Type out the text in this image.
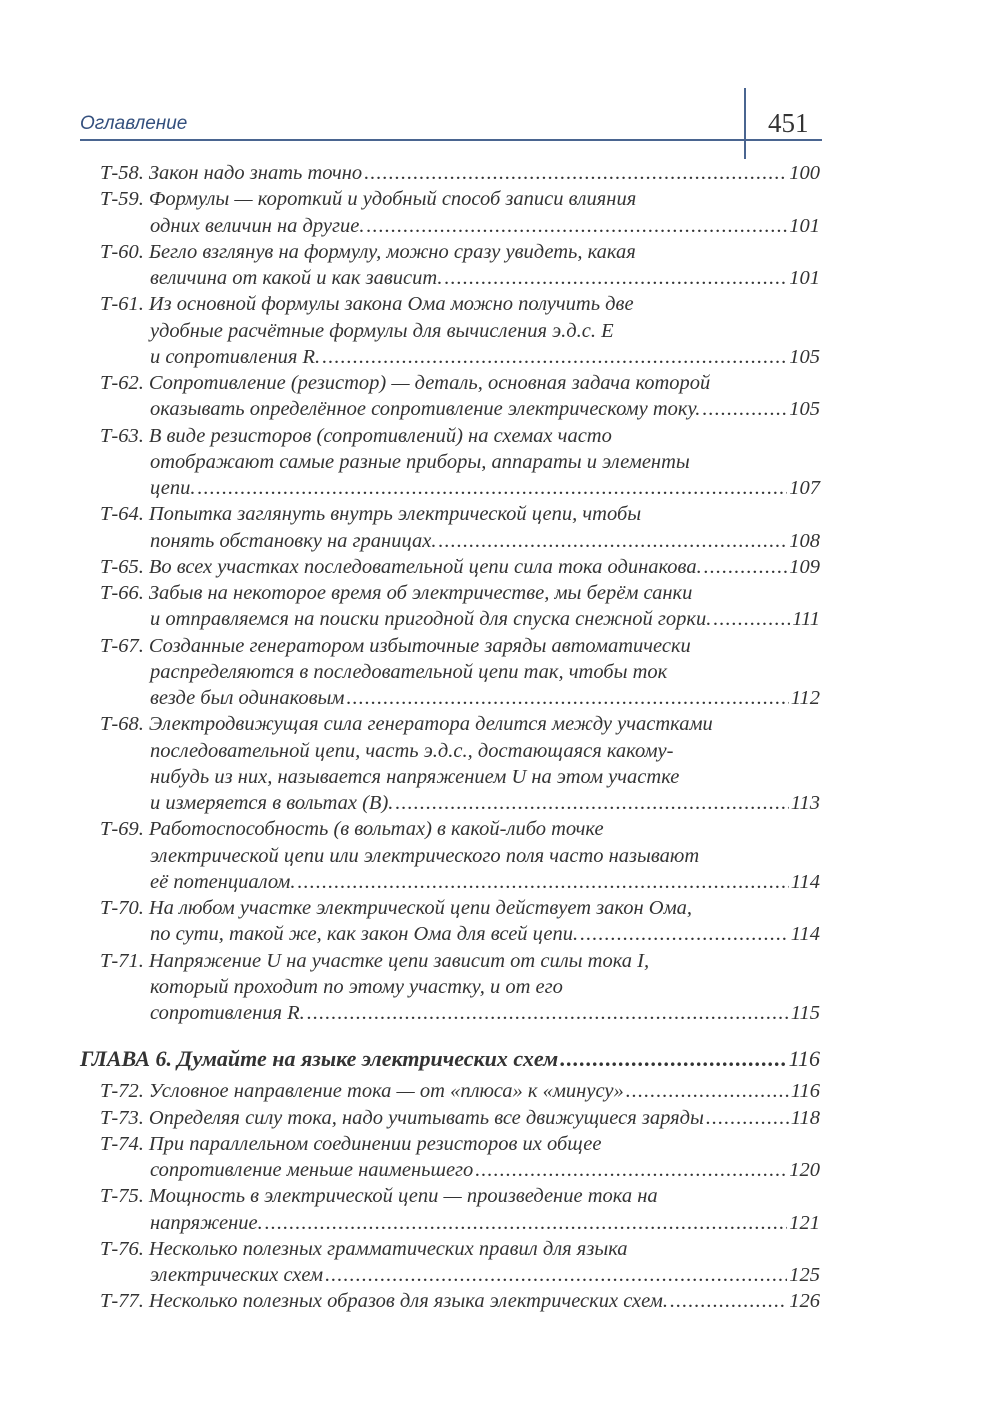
Оглавление	451
Т-58. Закон надо знать точно .....	100
Т-59. Формулы — короткий и удобный способ записи влияния
одних величин на другие. .....	101
Т-60. Бегло взглянув на формулу, можно сразу увидеть, какая
величина от какой и как зависит. .....	101
Т-61. Из основной формулы закона Ома можно получить две
удобные расчётные формулы для вычисления э.д.с. E
и сопротивления R. .....	105
Т-62. Сопротивление (резистор) — деталь, основная задача которой
оказывать определённое сопротивление электрическому току. .....	105
Т-63. В виде резисторов (сопротивлений) на схемах часто
отображают самые разные приборы, аппараты и элементы
цепи. .....	107
Т-64. Попытка заглянуть внутрь электрической цепи, чтобы
понять обстановку на границах. .....	108
Т-65. Во всех участках последовательной цепи сила тока одинакова. .....	109
Т-66. Забыв на некоторое время об электричестве, мы берём санки
и отправляемся на поиски пригодной для спуска снежной горки. .....	111
Т-67. Созданные генератором избыточные заряды автоматически
распределяются в последовательной цепи так, чтобы ток
везде был одинаковым .....	112
Т-68. Электродвижущая сила генератора делится между участками
последовательной цепи, часть э.д.с., достающаяся какому-
нибудь из них, называется напряжением U на этом участке
и измеряется в вольтах (В). .....	113
Т-69. Работоспособность (в вольтах) в какой-либо точке
электрической цепи или электрического поля часто называют
её потенциалом. .....	114
Т-70. На любом участке электрической цепи действует закон Ома,
по сути, такой же, как закон Ома для всей цепи. .....	114
Т-71. Напряжение U на участке цепи зависит от силы тока I,
который проходит по этому участку, и от его
сопротивления R. .....	115
ГЛАВА 6. Думайте на языке электрических схем .....	116
Т-72. Условное направление тока — от «плюса» к «минусу» .....	116
Т-73. Определяя силу тока, надо учитывать все движущиеся заряды .....	118
Т-74. При параллельном соединении резисторов их общее
сопротивление меньше наименьшего .....	120
Т-75. Мощность в электрической цепи — произведение тока на
напряжение. .....	121
Т-76. Несколько полезных грамматических правил для языка
электрических схем .....	125
Т-77. Несколько полезных образов для языка электрических схем. .....	126
